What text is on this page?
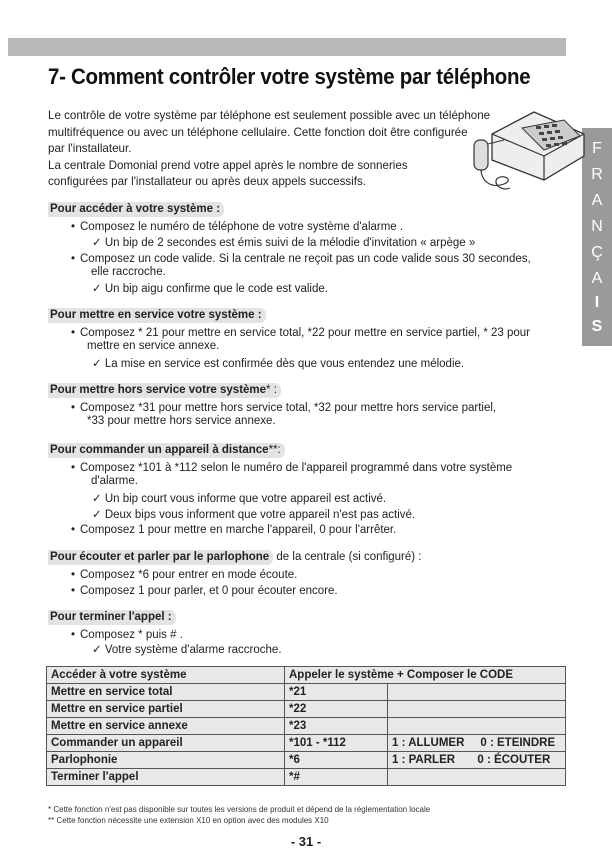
F
R
A
N
Ç
A
I
S
7- Comment contrôler votre système par téléphone

Le contrôle de votre système par téléphone est seulement possible avec un téléphone

multifréquence ou avec un téléphone cellulaire. Cette fonction doit être configurée

par l'installateur.

La centrale Domonial prend votre appel après le nombre de sonneries

configurées par l'installateur ou après deux appels successifs.

Pour accéder à votre système :
• Composez le numéro de téléphone de votre système d'alarme .
✓ Un bip de 2 secondes est émis suivi de la mélodie d'invitation « arpège »
• Composez un code valide. Si la centrale ne reçoit pas un code valide sous 30 secondes,
elle raccroche.
✓ Un bip aigu confirme que le code est valide.
Pour mettre en service votre système :
• Composez * 21 pour mettre en service total, *22 pour mettre en service partiel, * 23 pour
mettre en service annexe.
✓ La mise en service est confirmée dès que vous entendez une mélodie.
Pour mettre hors service votre système* :
• Composez *31 pour mettre hors service total, *32 pour mettre hors service partiel,
*33 pour mettre hors service annexe.
Pour commander un appareil à distance**:
• Composez *101 à *112 selon le numéro de l'appareil programmé dans votre système
d'alarme.
✓ Un bip court vous informe que votre appareil est activé.
✓ Deux bips vous informent que votre appareil n'est pas activé.
• Composez 1 pour mettre en marche l'appareil, 0 pour l'arrêter.
Pour écouter et parler par le parlophone de la centrale (si configuré) :
• Composez *6 pour entrer en mode écoute.
• Composez 1 pour parler, et 0 pour écouter encore.
Pour terminer l'appel :
• Composez * puis # .
✓ Votre système d'alarme raccroche.
Accéder à votre système	Appeler le système + Composer le CODE	
Mettre en service total	*21	
Mettre en service partiel	*22	
Mettre en service annexe	*23	
Commander un appareil	*101 - *112	1 : ALLUMER     0 : ETEINDRE
Parlophonie	*6	1 : PARLER       0 : ÉCOUTER
Terminer l'appel	*#	
* Cette fonction n'est pas disponible sur toutes les versions de produit et dépend de la réglementation locale
** Cette fonction nécessite une extension X10 en option avec des modules X10
- 31 -
